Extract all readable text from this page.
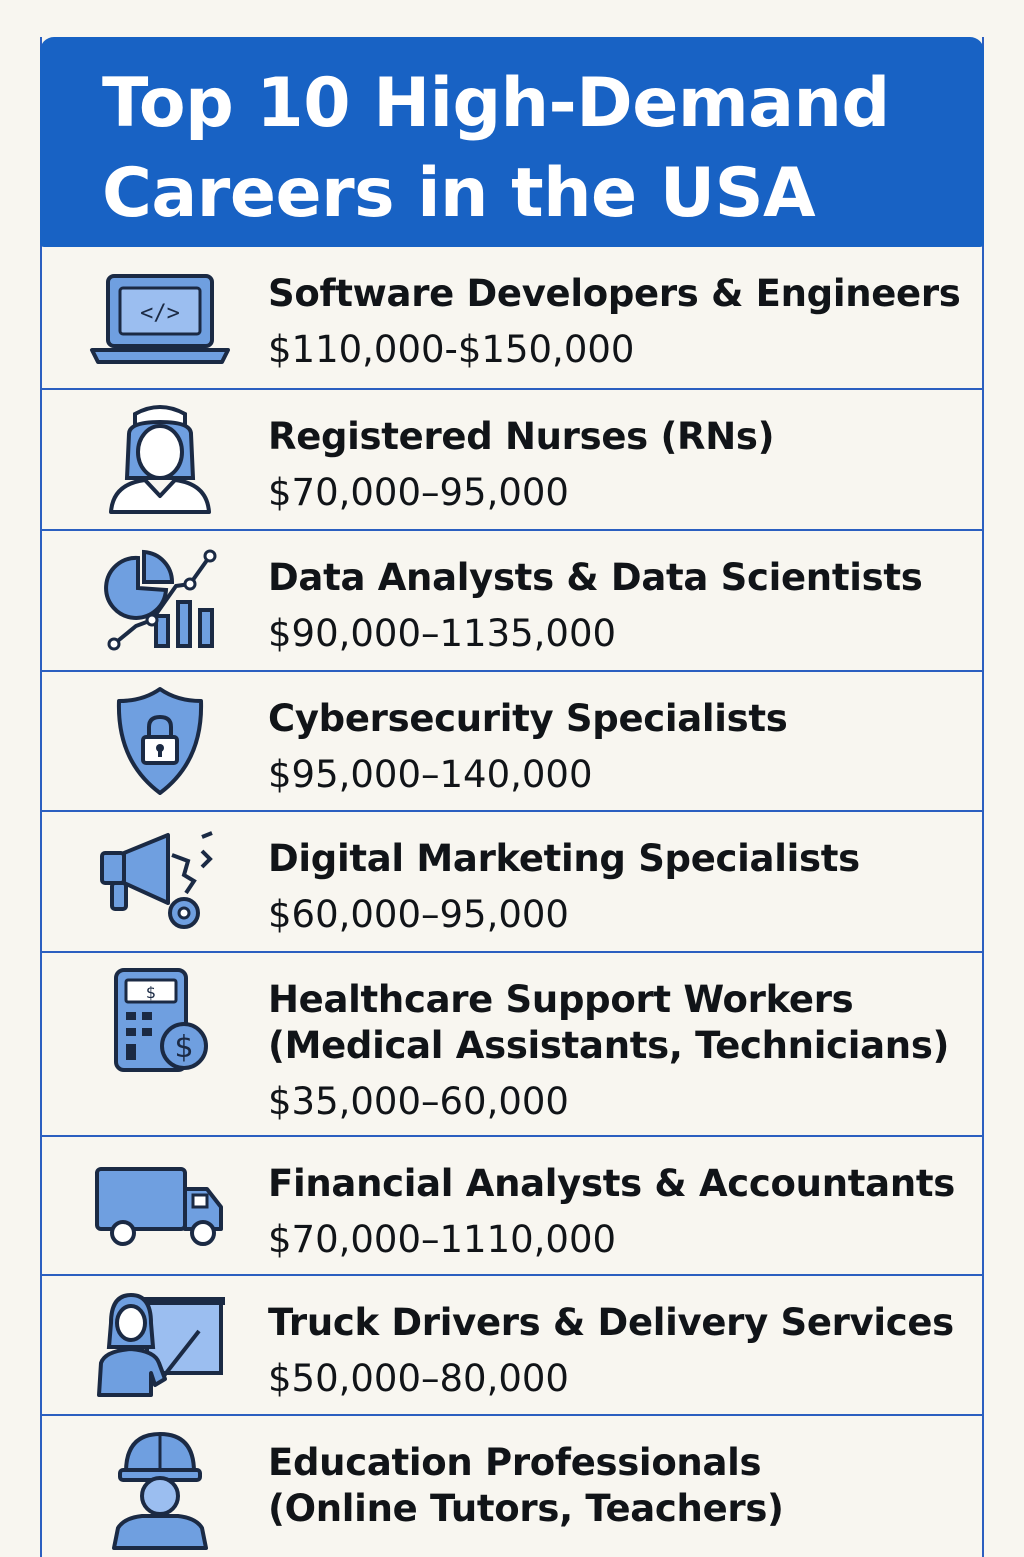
Top 10 High-Demand
Careers in the USA
</> Software Developers & Engineers
$110,000-$150,000
Registered Nurses (RNs)
$70,000–95,000
Data Analysts & Data Scientists
$90,000–1135,000
Cybersecurity Specialists
$95,000–140,000
Digital Marketing Specialists
$60,000–95,000
$
$
Healthcare Support Workers
(Medical Assistants, Technicians)
$35,000–60,000
Financial Analysts & Accountants
$70,000–1110,000
Truck Drivers & Delivery Services
$50,000–80,000
Education Professionals
(Online Tutors, Teachers)
